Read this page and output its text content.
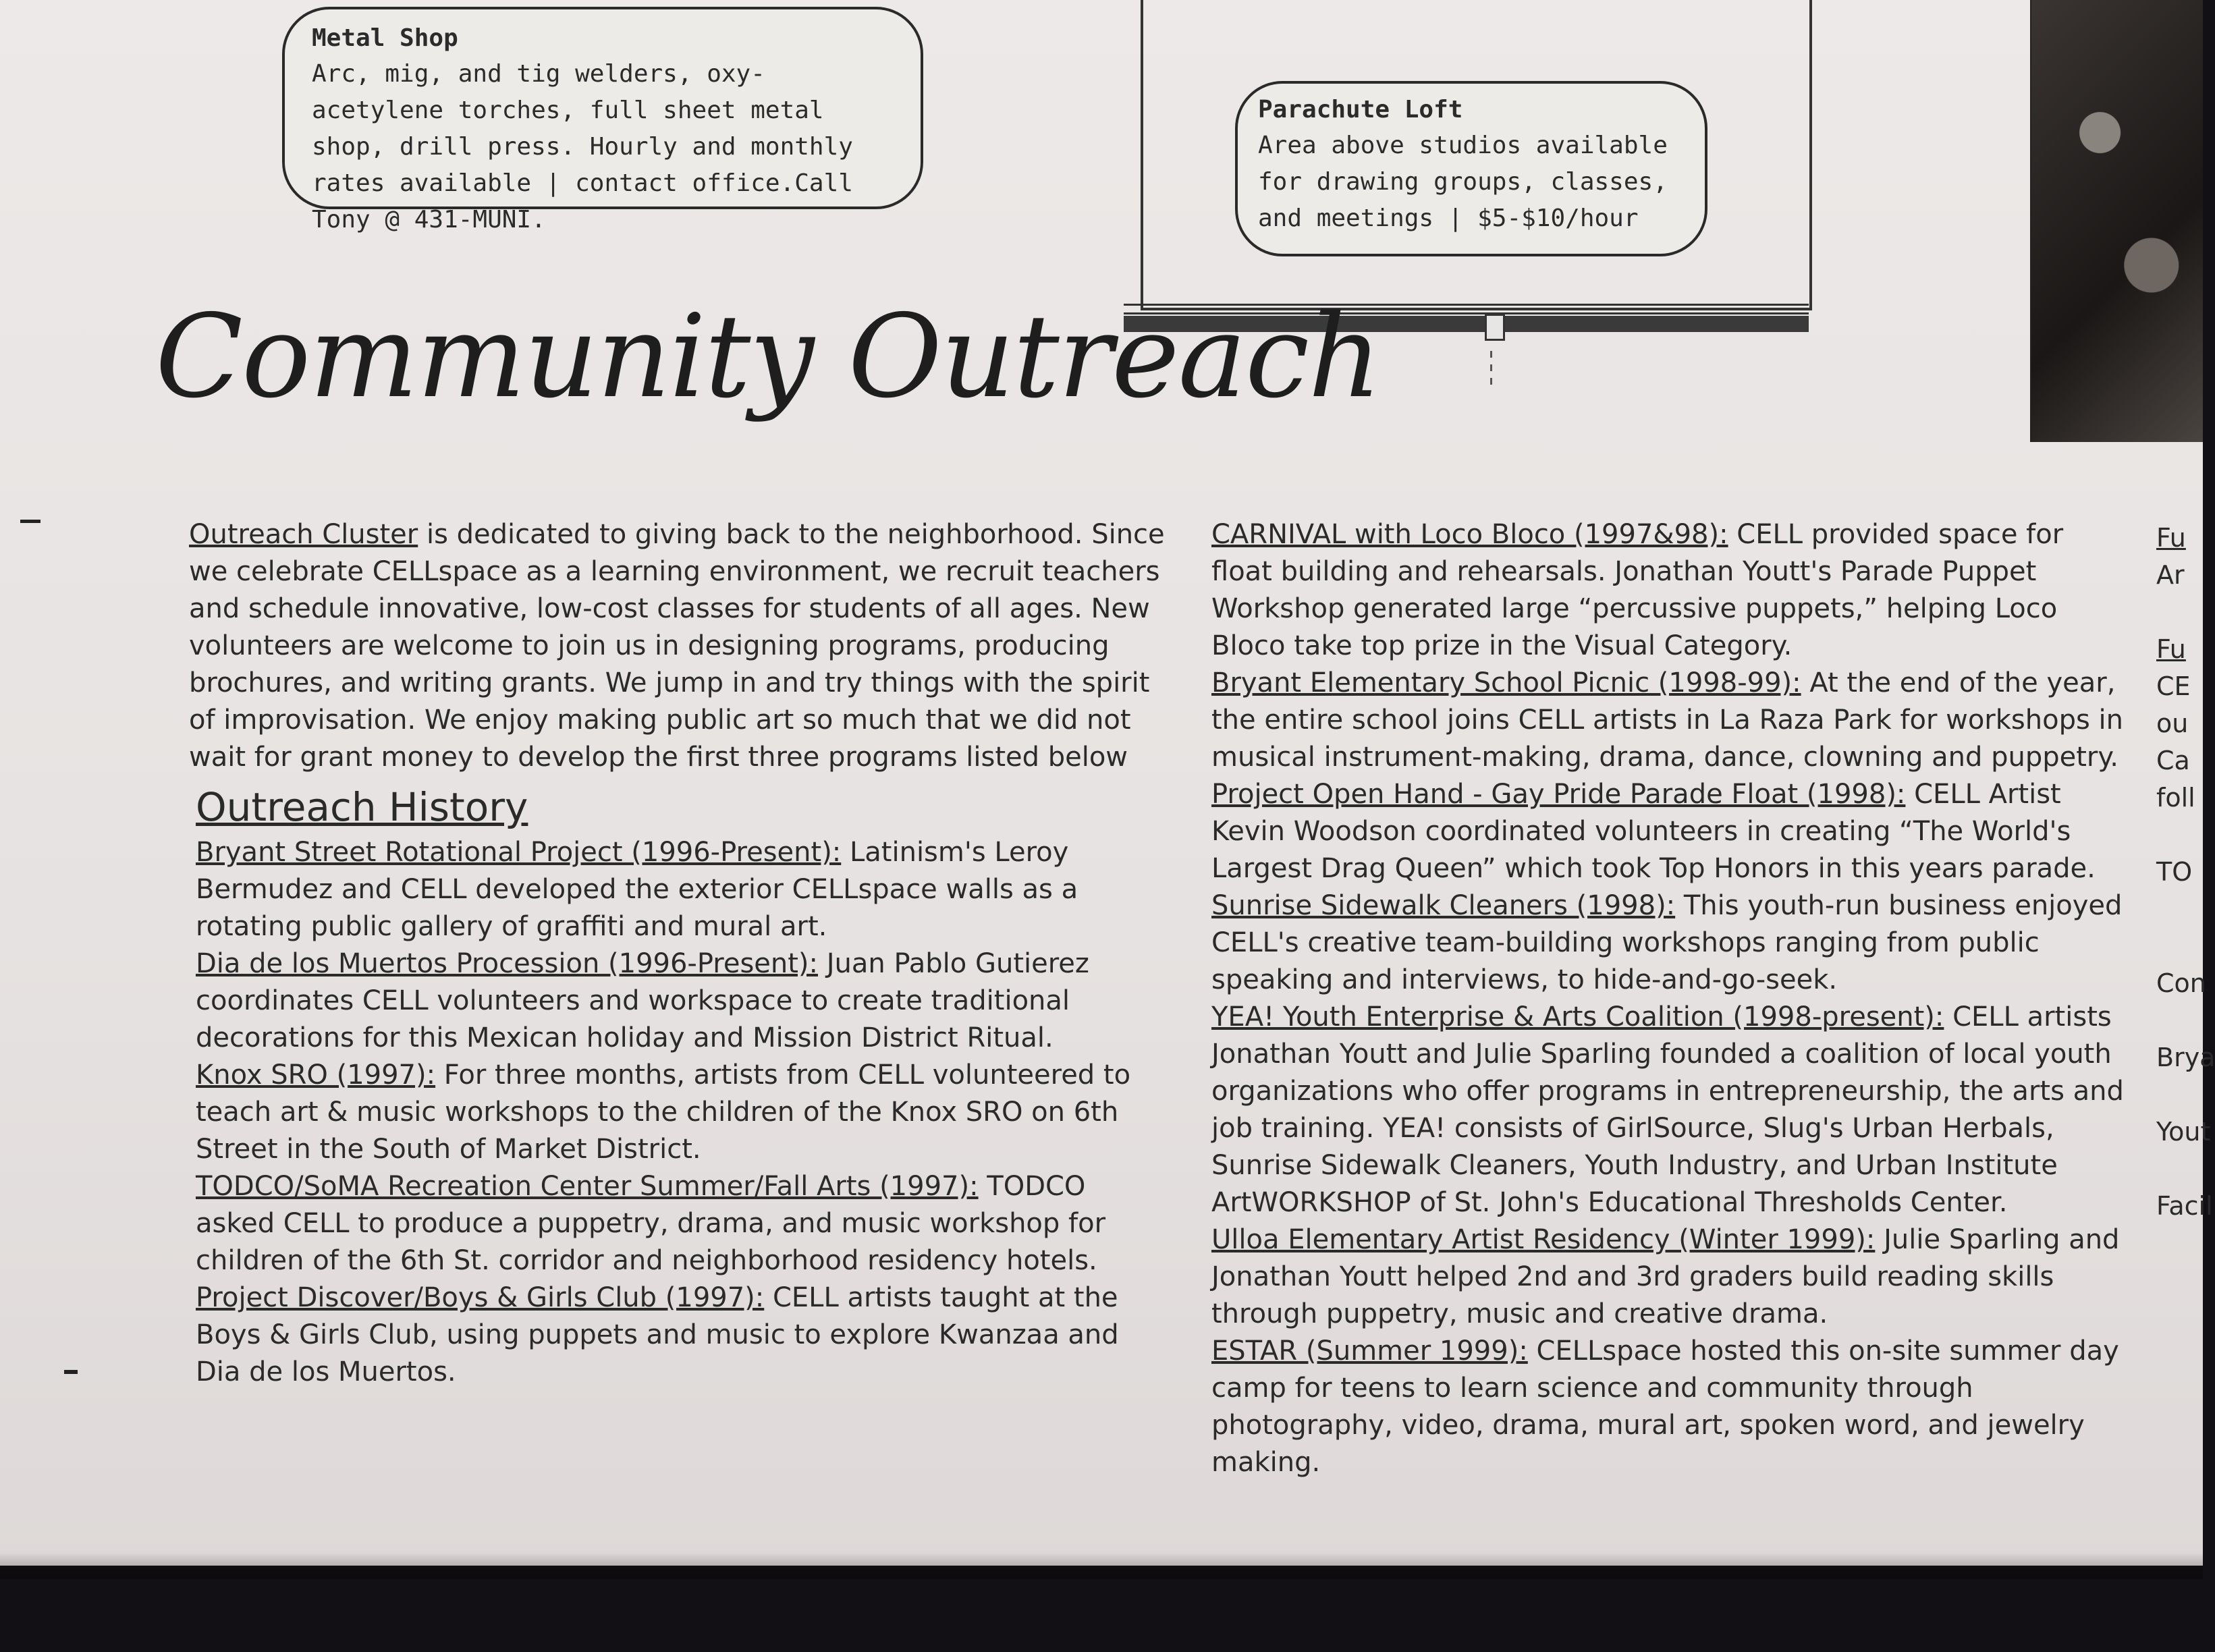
Metal Shop
Arc, mig, and tig welders, oxy-acetylene torches, full sheet metal shop, drill press. Hourly and monthly rates available | contact office.Call Tony @ 431-MUNI.
Parachute Loft
Area above studios available for drawing groups, classes, and meetings | $5-$10/hour
Community Outreach

Outreach Cluster is dedicated to giving back to the neighborhood. Since we celebrate CELLspace as a learning environment, we recruit teachers and schedule innovative, low-cost classes for students of all ages. New volunteers are welcome to join us in designing programs, producing brochures, and writing grants. We jump in and try things with the spirit of improvisation. We enjoy making public art so much that we did not wait for grant money to develop the first three programs listed below

Outreach History

Bryant Street Rotational Project (1996-Present): Latinism's Leroy Bermudez and CELL developed the exterior CELLspace walls as a rotating public gallery of graffiti and mural art.

Dia de los Muertos Procession (1996-Present): Juan Pablo Gutierez coordinates CELL volunteers and workspace to create traditional decorations for this Mexican holiday and Mission District Ritual.

Knox SRO (1997): For three months, artists from CELL volunteered to teach art & music workshops to the children of the Knox SRO on 6th Street in the South of Market District.

TODCO/SoMA Recreation Center Summer/Fall Arts (1997): TODCO asked CELL to produce a puppetry, drama, and music workshop for children of the 6th St. corridor and neighborhood residency hotels.

Project Discover/Boys & Girls Club (1997): CELL artists taught at the Boys & Girls Club, using puppets and music to explore Kwanzaa and Dia de los Muertos.

CARNIVAL with Loco Bloco (1997&98): CELL provided space for float building and rehearsals. Jonathan Youtt's Parade Puppet Workshop generated large “percussive puppets,” helping Loco Bloco take top prize in the Visual Category.

Bryant Elementary School Picnic (1998-99): At the end of the year, the entire school joins CELL artists in La Raza Park for workshops in musical instrument-making, drama, dance, clowning and puppetry.

Project Open Hand - Gay Pride Parade Float (1998): CELL Artist Kevin Woodson coordinated volunteers in creating “The World's Largest Drag Queen” which took Top Honors in this years parade.

Sunrise Sidewalk Cleaners (1998): This youth-run business enjoyed CELL's creative team-building workshops ranging from public speaking and interviews, to hide-and-go-seek.

YEA! Youth Enterprise & Arts Coalition (1998-present): CELL artists Jonathan Youtt and Julie Sparling founded a coalition of local youth organizations who offer programs in entrepreneurship, the arts and job training. YEA! consists of GirlSource, Slug's Urban Herbals, Sunrise Sidewalk Cleaners, Youth Industry, and Urban Institute ArtWORKSHOP of St. John's Educational Thresholds Center.

Ulloa Elementary Artist Residency (Winter 1999): Julie Sparling and Jonathan Youtt helped 2nd and 3rd graders build reading skills through puppetry, music and creative drama.

ESTAR (Summer 1999): CELLspace hosted this on-site summer day camp for teens to learn science and community through photography, video, drama, mural art, spoken word, and jewelry making.

Fu
Ar
Fu
CE
ou
Ca
foll
TO
Con
Brya
Yout
Facil
